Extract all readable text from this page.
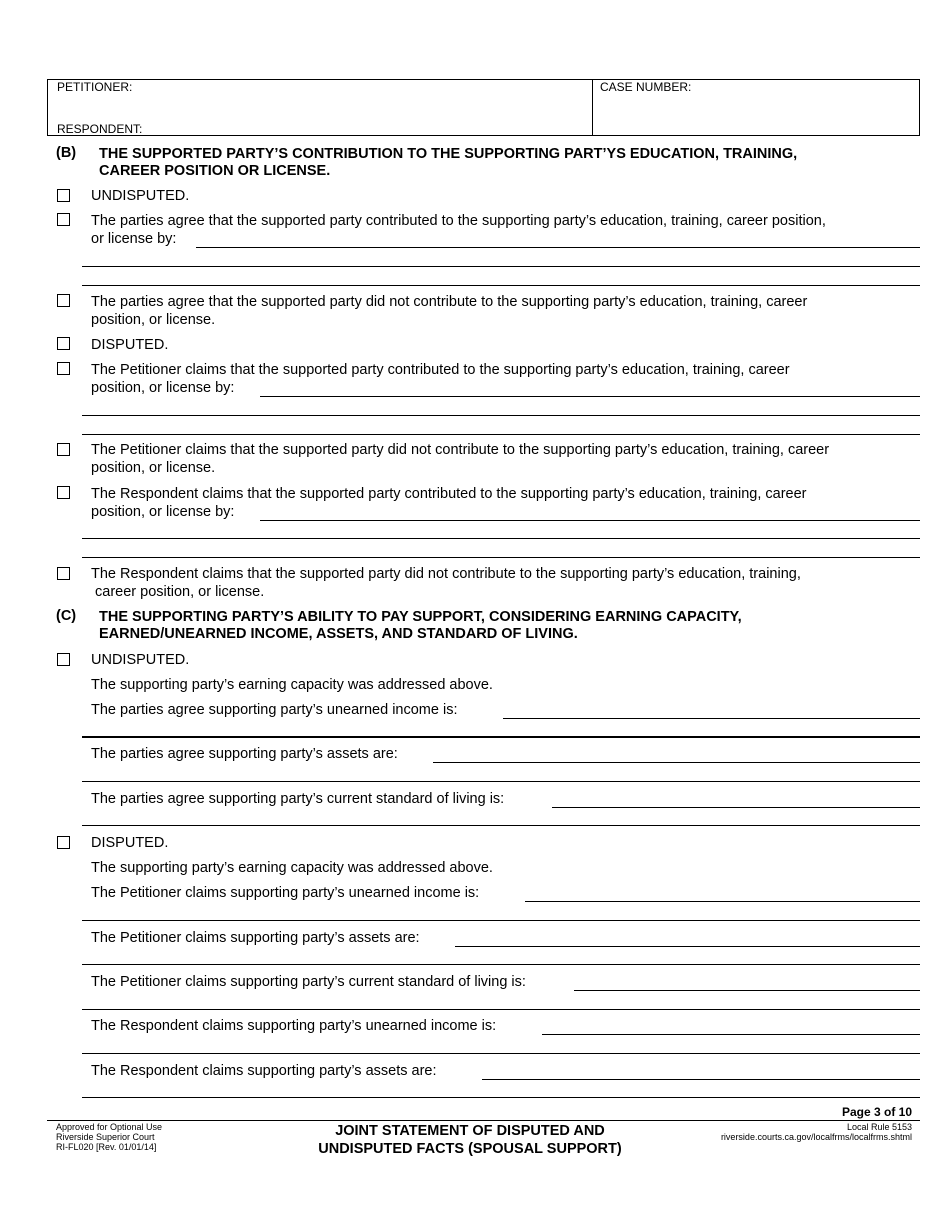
PETITIONER:
RESPONDENT:
CASE NUMBER:
(B) THE SUPPORTED PARTY’S CONTRIBUTION TO THE SUPPORTING PART’YS EDUCATION, TRAINING,
CAREER POSITION OR LICENSE.
UNDISPUTED.
The parties agree that the supported party contributed to the supporting party’s education, training, career position,
or license by:
The parties agree that the supported party did not contribute to the supporting party’s education, training, career
position, or license.
DISPUTED.
The Petitioner claims that the supported party contributed to the supporting party’s education, training, career
position, or license by:
The Petitioner claims that the supported party did not contribute to the supporting party’s education, training, career
position, or license.
The Respondent claims that the supported party contributed to the supporting party’s education, training, career
position, or license by:
The Respondent claims that the supported party did not contribute to the supporting party’s education, training,
career position, or license.
(C) THE SUPPORTING PARTY’S ABILITY TO PAY SUPPORT, CONSIDERING EARNING CAPACITY,
EARNED/UNEARNED INCOME, ASSETS, AND STANDARD OF LIVING.
UNDISPUTED.
The supporting party’s earning capacity was addressed above.
The parties agree supporting party’s unearned income is:
The parties agree supporting party’s assets are:
The parties agree supporting party’s current standard of living is:
DISPUTED.
The supporting party’s earning capacity was addressed above.
The Petitioner claims supporting party’s unearned income is:
The Petitioner claims supporting party’s assets are:
The Petitioner claims supporting party’s current standard of living is:
The Respondent claims supporting party’s unearned income is:
The Respondent claims supporting party’s assets are:
Page 3 of 10
Approved for Optional Use
Riverside Superior Court
RI-FL020 [Rev. 01/01/14]
JOINT STATEMENT OF DISPUTED AND
UNDISPUTED FACTS (SPOUSAL SUPPORT)
Local Rule 5153
riverside.courts.ca.gov/localfrms/localfrms.shtml
